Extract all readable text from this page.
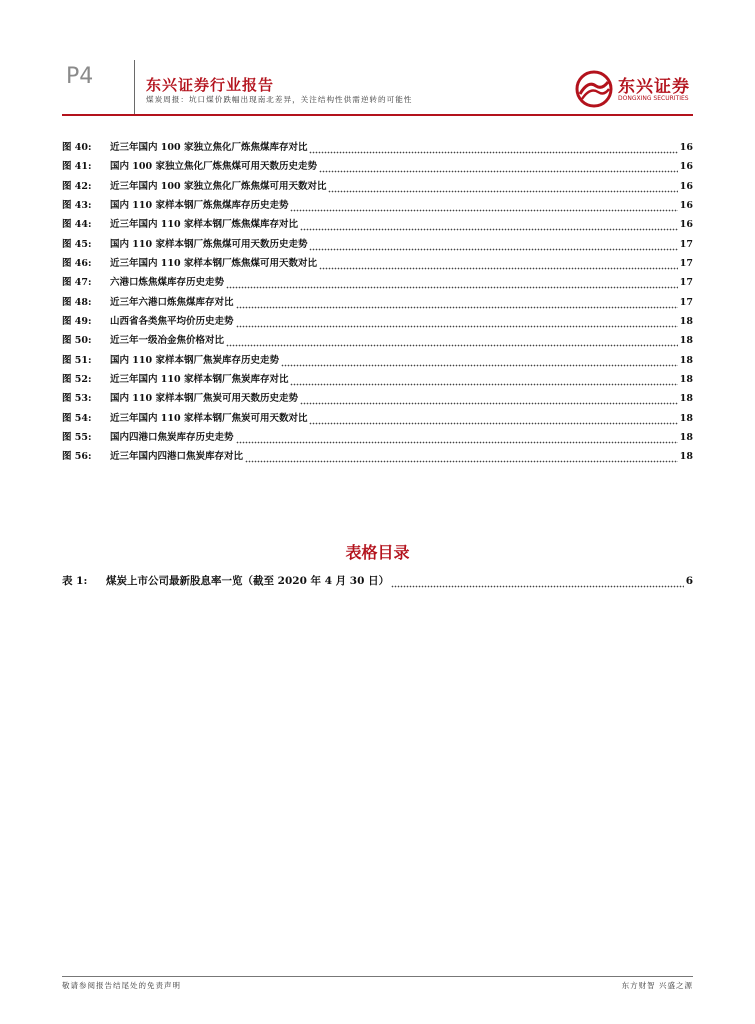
P4	东兴证券行业报告
煤炭周报：坑口煤价跌幅出现南北差异，关注结构性供需逆转的可能性
东兴证券
DONGXING SECURITIES
图 40:	近三年国内 100 家独立焦化厂炼焦煤库存对比	16
图 41:	国内 100 家独立焦化厂炼焦煤可用天数历史走势	16
图 42:	近三年国内 100 家独立焦化厂炼焦煤可用天数对比	16
图 43:	国内 110 家样本钢厂炼焦煤库存历史走势	16
图 44:	近三年国内 110 家样本钢厂炼焦煤库存对比	16
图 45:	国内 110 家样本钢厂炼焦煤可用天数历史走势	17
图 46:	近三年国内 110 家样本钢厂炼焦煤可用天数对比	17
图 47:	六港口炼焦煤库存历史走势	17
图 48:	近三年六港口炼焦煤库存对比	17
图 49:	山西省各类焦平均价历史走势	18
图 50:	近三年一级冶金焦价格对比	18
图 51:	国内 110 家样本钢厂焦炭库存历史走势	18
图 52:	近三年国内 110 家样本钢厂焦炭库存对比	18
图 53:	国内 110 家样本钢厂焦炭可用天数历史走势	18
图 54:	近三年国内 110 家样本钢厂焦炭可用天数对比	18
图 55:	国内四港口焦炭库存历史走势	18
图 56:	近三年国内四港口焦炭库存对比	18
表格目录
表 1:	煤炭上市公司最新股息率一览（截至 2020 年 4 月 30 日）	6
敬请参阅报告结尾处的免责声明	东方财智 兴盛之源
